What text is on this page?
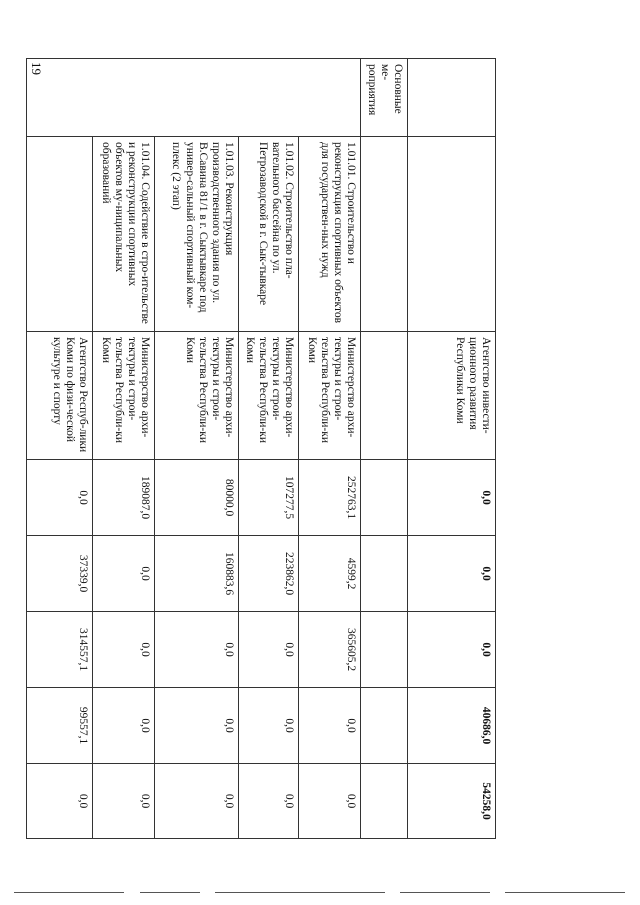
19
		Агентство инвести-ционного развития Республики Коми	0,0	0,0	0,0	40686,0	54258,0
Основные ме-роприятия							
	1.01.01. Строительство и реконструкция спортивных объектов для государствен-ных нужд	Министерство архи-тектуры и строи-тельства Республи-ки Коми	252763,1	4599,2	365605,2	0,0	0,0
	1.01.02. Строительство пла-вательного бассейна по ул. Петрозаводской в г. Сык-тывкаре	Министерство архи-тектуры и строи-тельства Республи-ки Коми	107277,5	223862,0	0,0	0,0	0,0
	1.01.03. Реконструкция производственного здания по ул. В.Савина 81/1 в г. Сыктывкаре под универ-сальный спортивный ком-плекс (2 этап)	Министерство архи-тектуры и строи-тельства Республи-ки Коми	80000,0	160883,6	0,0	0,0	0,0
	1.01.04. Содействие в стро-ительстве и реконструкции спортивных объектов му-ниципальных образований	Министерство архи-тектуры и строи-тельства Республи-ки Коми	189087,0	0,0	0,0	0,0	0,0
		Агентство Респуб-лики Коми по физи-ческой культуре и спорту	0,0	37339,0	314557,1	99557,1	0,0
